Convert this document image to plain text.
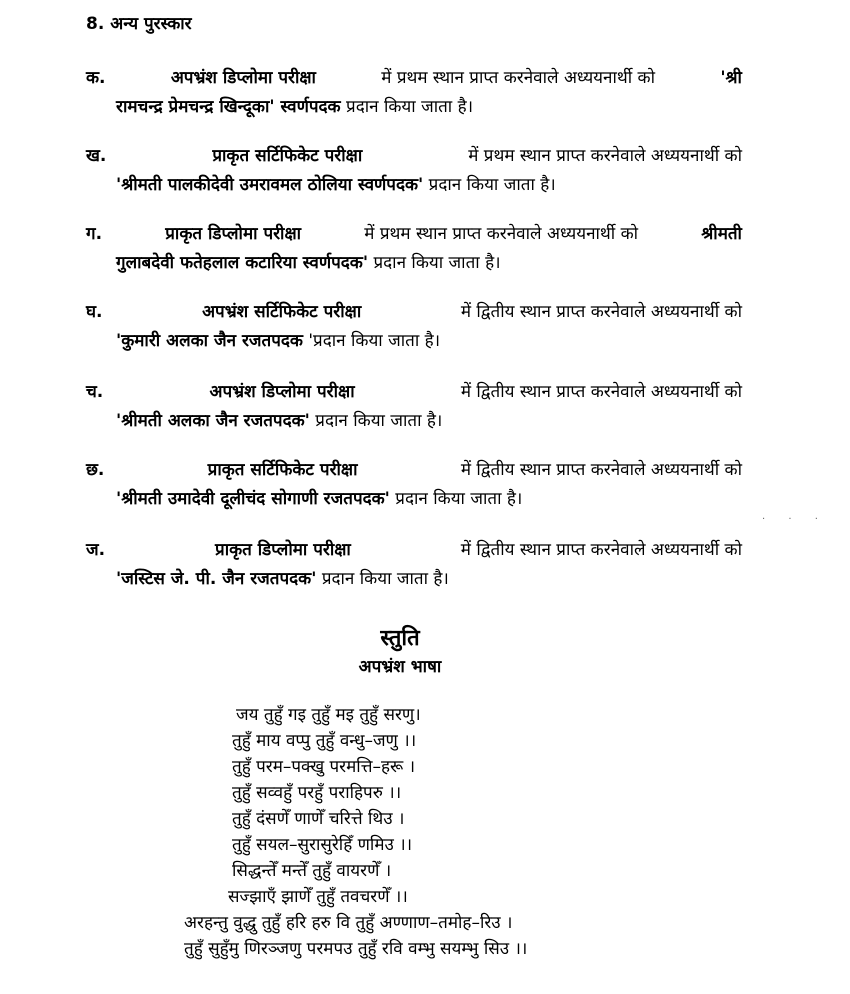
8. अन्य पुरस्कार
क.	अपभ्रंश डिप्लोमा परीक्षा	में प्रथम स्थान प्राप्त करनेवाले अध्ययनार्थी को	'श्री
रामचन्द्र प्रेमचन्द्र खिन्दूका' स्वर्णपदक प्रदान किया जाता है।
ख.	प्राकृत सर्टिफिकेट परीक्षा	में प्रथम स्थान प्राप्त करनेवाले अध्ययनार्थी को
'श्रीमती पालकीदेवी उमरावमल ठोलिया स्वर्णपदक' प्रदान किया जाता है।
ग.	प्राकृत डिप्लोमा परीक्षा	में प्रथम स्थान प्राप्त करनेवाले अध्ययनार्थी को	श्रीमती
गुलाबदेवी फतेहलाल कटारिया स्वर्णपदक' प्रदान किया जाता है।
घ.	अपभ्रंश सर्टिफिकेट परीक्षा	में द्वितीय स्थान प्राप्त करनेवाले अध्ययनार्थी को
'कुमारी अलका जैन रजतपदक 'प्रदान किया जाता है।
च.	अपभ्रंश डिप्लोमा परीक्षा	में द्वितीय स्थान प्राप्त करनेवाले अध्ययनार्थी को
'श्रीमती अलका जैन रजतपदक' प्रदान किया जाता है।
छ.	प्राकृत सर्टिफिकेट परीक्षा	में द्वितीय स्थान प्राप्त करनेवाले अध्ययनार्थी को
'श्रीमती उमादेवी दूलीचंद सोगाणी रजतपदक' प्रदान किया जाता है।
ज.	प्राकृत डिप्लोमा परीक्षा	में द्वितीय स्थान प्राप्त करनेवाले अध्ययनार्थी को
'जस्टिस जे. पी. जैन रजतपदक' प्रदान किया जाता है।
· · ·
स्तुति
अपभ्रंश भाषा
जय तुहुँ गइ तुहुँ मइ तुहुँ सरणु।
तुहुँ माय वप्पु तुहुँ वन्धु–जणु ।।
तुहुँ परम–पक्खु परमत्ति–हरू ।
तुहुँ सव्वहुँ परहुँ पराहिपरु ।।
तुहुँ दंसणेँ णाणेँ चरित्ते थिउ ।
तुहुँ सयल–सुरासुरेहिँ णमिउ ।।
सिद्धन्तेँ मन्तेँ तुहुँ वायरणेँ ।
सज्झाएँ झाणेँ तुहुँ तवचरणेँ ।।
अरहन्तु वुद्धु तुहुँ हरि हरु वि तुहुँ अण्णाण–तमोह–रिउ ।
तुहुँ सुहुँमु णिरञ्जणु परमपउ तुहुँ रवि वम्भु सयम्भु सिउ ।।
